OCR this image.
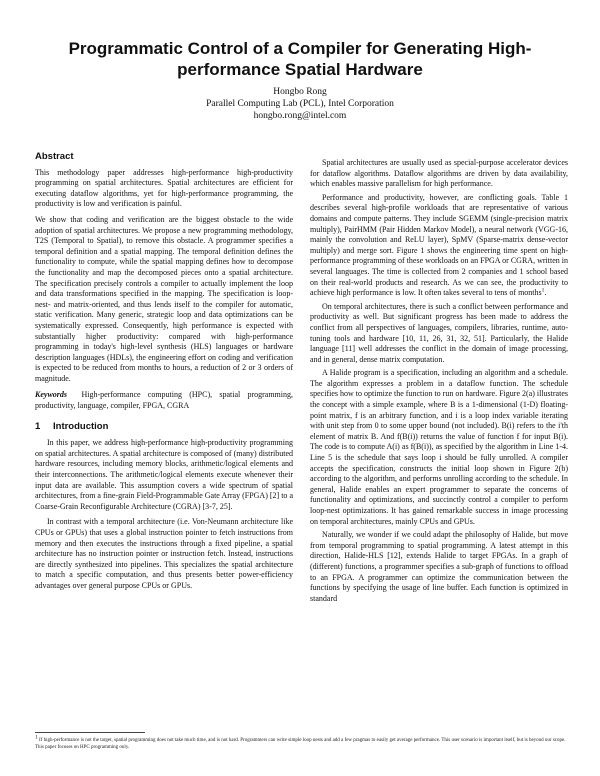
Programmatic Control of a Compiler for Generating High-performance Spatial Hardware
Hongbo Rong
Parallel Computing Lab (PCL), Intel Corporation
hongbo.rong@intel.com
Abstract

This methodology paper addresses high-performance high-productivity programming on spatial architectures. Spatial architectures are efficient for executing dataflow algorithms, yet for high-performance programming, the productivity is low and verification is painful.

We show that coding and verification are the biggest obstacle to the wide adoption of spatial architectures. We propose a new programming methodology, T2S (Temporal to Spatial), to remove this obstacle. A programmer specifies a temporal definition and a spatial mapping. The temporal definition defines the functionality to compute, while the spatial mapping defines how to decompose the functionality and map the decomposed pieces onto a spatial architecture. The specification precisely controls a compiler to actually implement the loop and data transformations specified in the mapping. The specification is loop-nest- and matrix-oriented, and thus lends itself to the compiler for automatic, static verification. Many generic, strategic loop and data optimizations can be systematically expressed. Consequently, high performance is expected with substantially higher productivity: compared with high-performance programming in today's high-level synthesis (HLS) languages or hardware description languages (HDLs), the engineering effort on coding and verification is expected to be reduced from months to hours, a reduction of 2 or 3 orders of magnitude.

Keywords High-performance computing (HPC), spatial programming, productivity, language, compiler, FPGA, CGRA

1 Introduction

In this paper, we address high-performance high-productivity programming on spatial architectures. A spatial architecture is composed of (many) distributed hardware resources, including memory blocks, arithmetic/logical elements and their interconnections. The arithmetic/logical elements execute whenever their input data are available. This assumption covers a wide spectrum of spatial architectures, from a fine-grain Field-Programmable Gate Array (FPGA) [2] to a Coarse-Grain Reconfigurable Architecture (CGRA) [3-7, 25].

In contrast with a temporal architecture (i.e. Von-Neumann architecture like CPUs or GPUs) that uses a global instruction pointer to fetch instructions from memory and then executes the instructions through a fixed pipeline, a spatial architecture has no instruction pointer or instruction fetch. Instead, instructions are directly synthesized into pipelines. This specializes the spatial architecture to match a specific computation, and thus presents better power-efficiency advantages over general purpose CPUs or GPUs.

Spatial architectures are usually used as special-purpose accelerator devices for dataflow algorithms. Dataflow algorithms are driven by data availability, which enables massive parallelism for high performance.

Performance and productivity, however, are conflicting goals. Table 1 describes several high-profile workloads that are representative of various domains and compute patterns. They include SGEMM (single-precision matrix multiply), PairHMM (Pair Hidden Markov Model), a neural network (VGG-16, mainly the convolution and ReLU layer), SpMV (Sparse-matrix dense-vector multiply) and merge sort. Figure 1 shows the engineering time spent on high-performance programming of these workloads on an FPGA or CGRA, written in several languages. The time is collected from 2 companies and 1 school based on their real-world products and research. As we can see, the productivity to achieve high performance is low. It often takes several to tens of months$^1$.

On temporal architectures, there is such a conflict between performance and productivity as well. But significant progress has been made to address the conflict from all perspectives of languages, compilers, libraries, runtime, auto-tuning tools and hardware [10, 11, 26, 31, 32, 51]. Particularly, the Halide language [11] well addresses the conflict in the domain of image processing, and in general, dense matrix computation.

A Halide program is a specification, including an algorithm and a schedule. The algorithm expresses a problem in a dataflow function. The schedule specifies how to optimize the function to run on hardware. Figure 2(a) illustrates the concept with a simple example, where B is a 1-dimensional (1-D) floating-point matrix, f is an arbitrary function, and i is a loop index variable iterating with unit step from 0 to some upper bound (not included). B(i) refers to the i'th element of matrix B. And f(B(i)) returns the value of function f for input B(i). The code is to compute A(i) as f(B(i)), as specified by the algorithm in Line 1-4. Line 5 is the schedule that says loop i should be fully unrolled. A compiler accepts the specification, constructs the initial loop shown in Figure 2(b) according to the algorithm, and performs unrolling according to the schedule. In general, Halide enables an expert programmer to separate the concerns of functionality and optimizations, and succinctly control a compiler to perform loop-nest optimizations. It has gained remarkable success in image processing on temporal architectures, mainly CPUs and GPUs.

Naturally, we wonder if we could adapt the philosophy of Halide, but move from temporal programming to spatial programming. A latest attempt in this direction, Halide-HLS [12], extends Halide to target FPGAs. In a graph of (different) functions, a programmer specifies a sub-graph of functions to offload to an FPGA. A programmer can optimize the communication between the functions by specifying the usage of line buffer. Each function is optimized in standard

$^1$ If high-performance is not the target, spatial programming does not take much time, and is not hard. Programmers can write simple loop nests and add a few pragmas to easily get average performance. This user scenario is important itself, but is beyond our scope. This paper focuses on HPC programming only.
